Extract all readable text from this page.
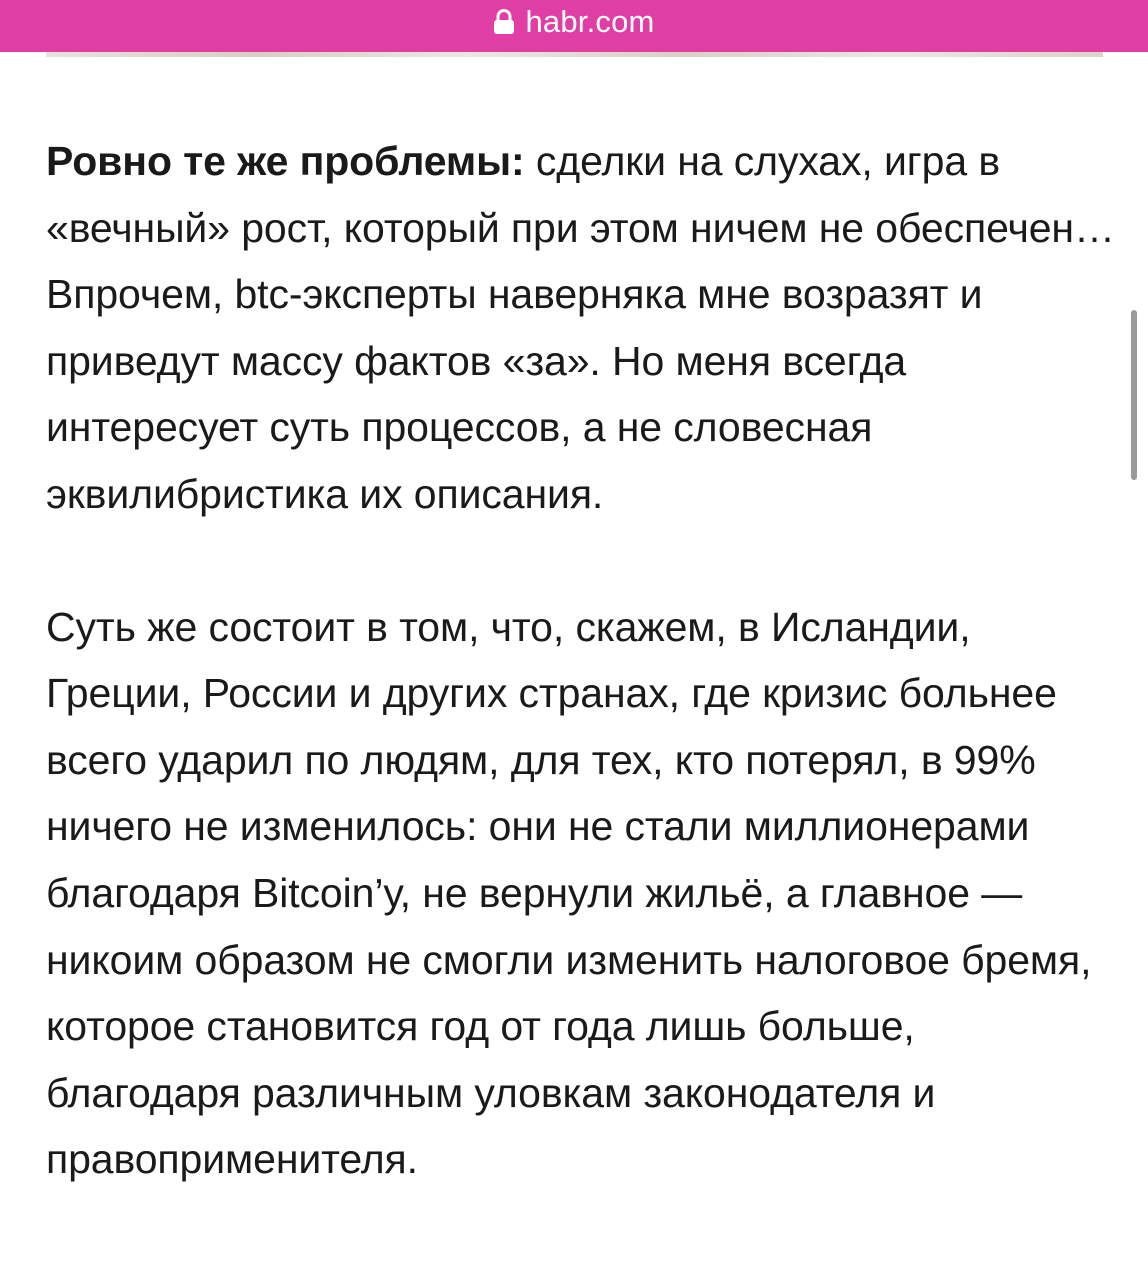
habr.com

Ровно те же проблемы: сделки на слухах, игра в «вечный» рост, который при этом ничем не обеспечен… Впрочем, btc-эксперты наверняка мне возразят и приведут массу фактов «за». Но меня всегда интересует суть процессов, а не словесная эквилибристика их описания.

Суть же состоит в том, что, скажем, в Исландии, Греции, России и других странах, где кризис больнее всего ударил по людям, для тех, кто потерял, в 99% ничего не изменилось: они не стали миллионерами благодаря Bitcoin’у, не вернули жильё, а главное — никоим образом не смогли изменить налоговое бремя, которое становится год от года лишь больше, благодаря различным уловкам законодателя и правоприменителя.
